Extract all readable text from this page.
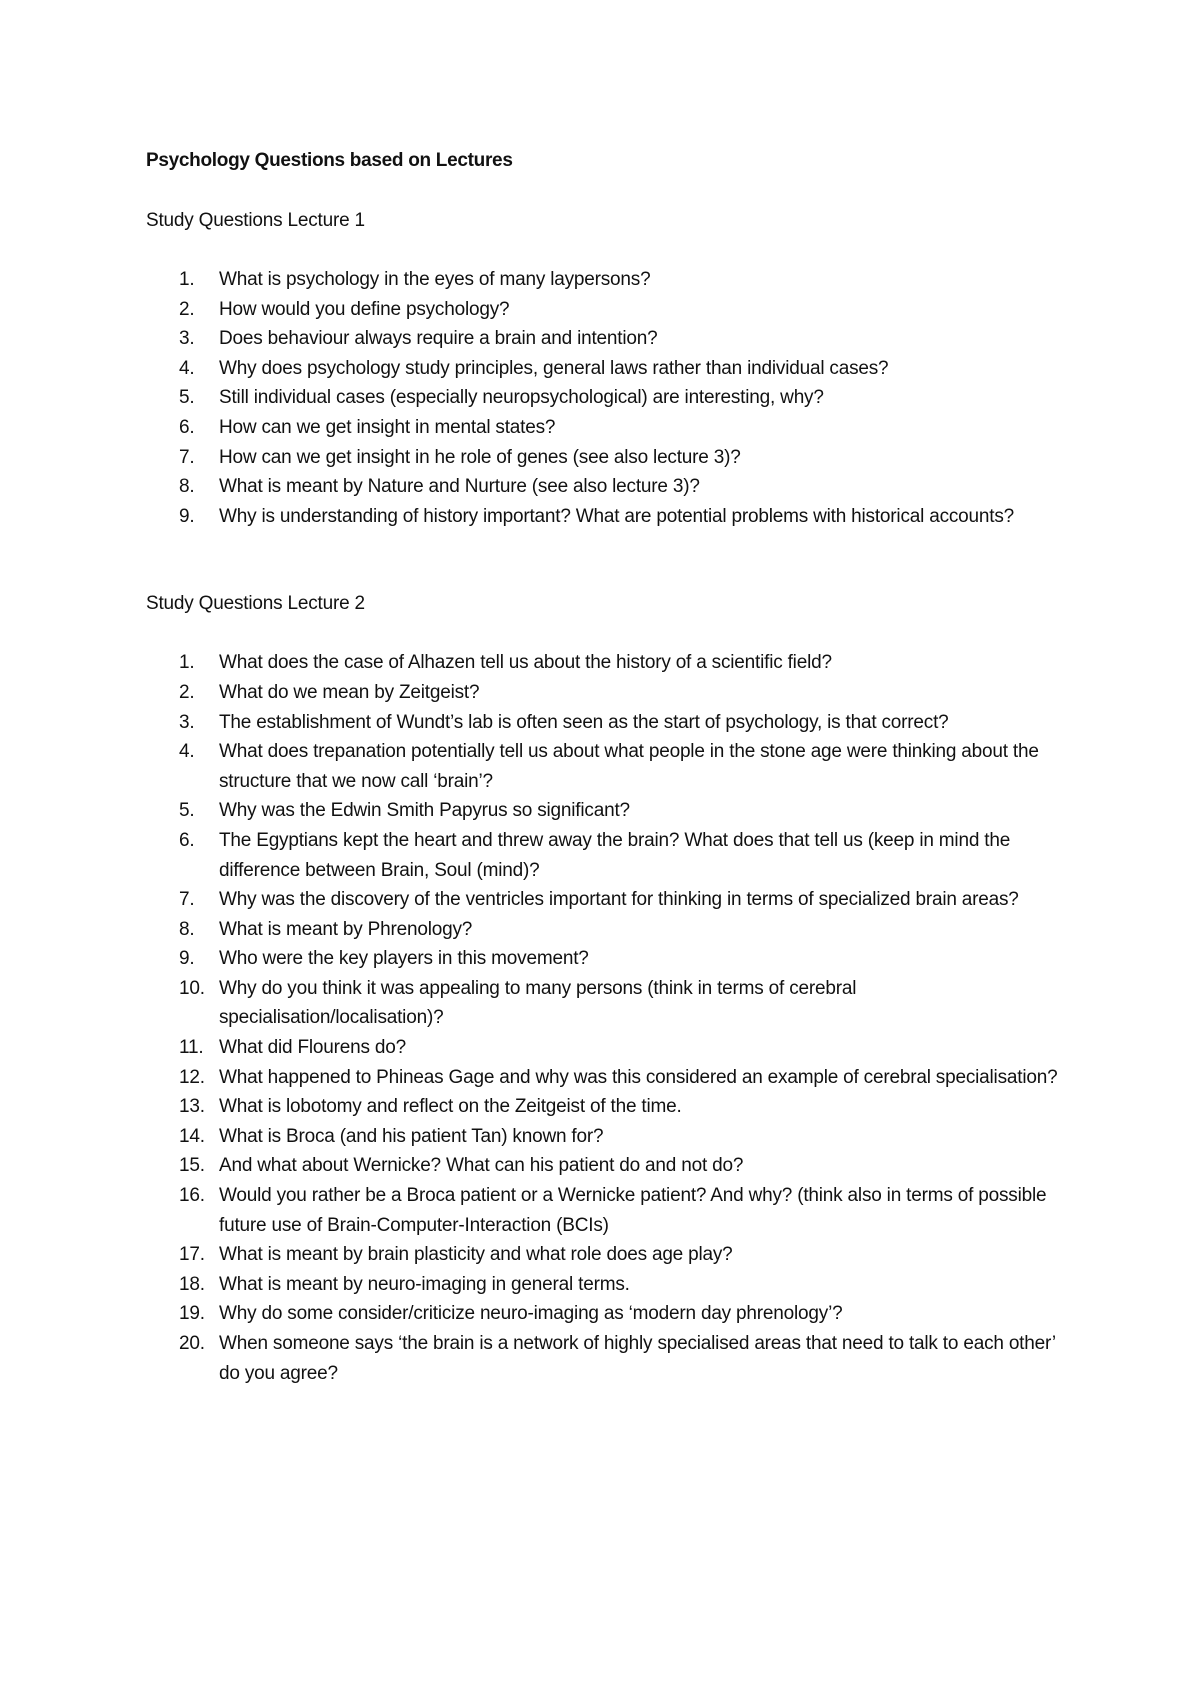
Psychology Questions based on Lectures
Study Questions Lecture 1
1.	What is psychology in the eyes of many laypersons?
2.	How would you define psychology?
3.	Does behaviour always require a brain and intention?
4.	Why does psychology study principles, general laws rather than individual cases?
5.	Still individual cases (especially neuropsychological) are interesting, why?
6.	How can we get insight in mental states?
7.	How can we get insight in he role of genes (see also lecture 3)?
8.	What is meant by Nature and Nurture (see also lecture 3)?
9.	Why is understanding of history important? What are potential problems with historical accounts?
Study Questions Lecture 2
1.	What does the case of Alhazen tell us about the history of a scientific field?
2.	What do we mean by Zeitgeist?
3.	The establishment of Wundt’s lab is often seen as the start of psychology, is that correct?
4.	What does trepanation potentially tell us about what people in the stone age were thinking about the structure that we now call ‘brain’?
5.	Why was the Edwin Smith Papyrus so significant?
6.	The Egyptians kept the heart and threw away the brain? What does that tell us (keep in mind the difference between Brain, Soul (mind)?
7.	Why was the discovery of the ventricles important for thinking in terms of specialized brain areas?
8.	What is meant by Phrenology?
9.	Who were the key players in this movement?
10. Why do you think it was appealing to many persons (think in terms of cerebral specialisation/localisation)?
11. What did Flourens do?
12. What happened to Phineas Gage and why was this considered an example of cerebral specialisation?
13. What is lobotomy and reflect on the Zeitgeist of the time.
14. What is Broca (and his patient Tan) known for?
15. And what about Wernicke? What can his patient do and not do?
16. Would you rather be a Broca patient or a Wernicke patient? And why? (think also in terms of possible future use of Brain-Computer-Interaction (BCIs)
17. What is meant by brain plasticity and what role does age play?
18. What is meant by neuro-imaging in general terms.
19. Why do some consider/criticize neuro-imaging as ‘modern day phrenology’?
20. When someone says ‘the brain is a network of highly specialised areas that need to talk to each other’ do you agree?
